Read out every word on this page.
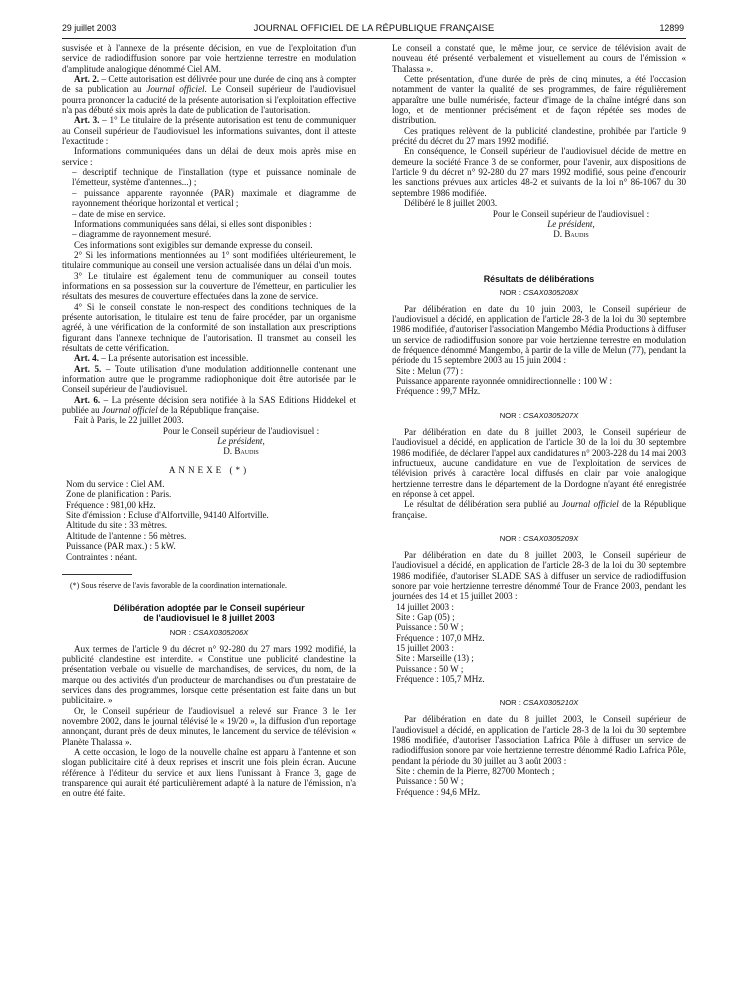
29 juillet 2003	JOURNAL OFFICIEL DE LA RÉPUBLIQUE FRANÇAISE	12899

susvisée et à l'annexe de la présente décision, en vue de l'exploitation d'un service de radiodiffusion sonore par voie hertzienne terrestre en modulation d'amplitude analogique dénommé Ciel AM.

Art. 2. – Cette autorisation est délivrée pour une durée de cinq ans à compter de sa publication au Journal officiel. Le Conseil supérieur de l'audiovisuel pourra prononcer la caducité de la présente autorisation si l'exploitation effective n'a pas débuté six mois après la date de publication de l'autorisation.

Art. 3. – 1° Le titulaire de la présente autorisation est tenu de communiquer au Conseil supérieur de l'audiovisuel les informations suivantes, dont il atteste l'exactitude :

Informations communiquées dans un délai de deux mois après mise en service :

– descriptif technique de l'installation (type et puissance nominale de l'émetteur, système d'antennes...) ;

– puissance apparente rayonnée (PAR) maximale et diagramme de rayonnement théorique horizontal et vertical ;

– date de mise en service.

Informations communiquées sans délai, si elles sont disponibles :

– diagramme de rayonnement mesuré.

Ces informations sont exigibles sur demande expresse du conseil.

2° Si les informations mentionnées au 1° sont modifiées ultérieurement, le titulaire communique au conseil une version actualisée dans un délai d'un mois.

3° Le titulaire est également tenu de communiquer au conseil toutes informations en sa possession sur la couverture de l'émetteur, en particulier les résultats des mesures de couverture effectuées dans la zone de service.

4° Si le conseil constate le non-respect des conditions techniques de la présente autorisation, le titulaire est tenu de faire procéder, par un organisme agréé, à une vérification de la conformité de son installation aux prescriptions figurant dans l'annexe technique de l'autorisation. Il transmet au conseil les résultats de cette vérification.

Art. 4. – La présente autorisation est incessible.

Art. 5. – Toute utilisation d'une modulation additionnelle contenant une information autre que le programme radiophonique doit être autorisée par le Conseil supérieur de l'audiovisuel.

Art. 6. – La présente décision sera notifiée à la SAS Editions Hiddekel et publiée au Journal officiel de la République française.

Fait à Paris, le 22 juillet 2003.

Pour le Conseil supérieur de l'audiovisuel :

Le président,

D. Baudis

ANNEXE (*)

Nom du service : Ciel AM.

Zone de planification : Paris.

Fréquence : 981,00 kHz.

Site d'émission : Ecluse d'Alfortville, 94140 Alfortville.

Altitude du site : 33 mètres.

Altitude de l'antenne : 56 mètres.

Puissance (PAR max.) : 5 kW.

Contraintes : néant.

(*) Sous réserve de l'avis favorable de la coordination internationale.

Délibération adoptée par le Conseil supérieur

de l'audiovisuel le 8 juillet 2003

NOR : CSAX0305206X

Aux termes de l'article 9 du décret n° 92-280 du 27 mars 1992 modifié, la publicité clandestine est interdite. « Constitue une publicité clandestine la présentation verbale ou visuelle de marchandises, de services, du nom, de la marque ou des activités d'un producteur de marchandises ou d'un prestataire de services dans des programmes, lorsque cette présentation est faite dans un but publicitaire. »

Or, le Conseil supérieur de l'audiovisuel a relevé sur France 3 le 1er novembre 2002, dans le journal télévisé le « 19/20 », la diffusion d'un reportage annonçant, durant près de deux minutes, le lancement du service de télévision « Planète Thalassa ».

A cette occasion, le logo de la nouvelle chaîne est apparu à l'antenne et son slogan publicitaire cité à deux reprises et inscrit une fois plein écran. Aucune référence à l'éditeur du service et aux liens l'unissant à France 3, gage de transparence qui aurait été particulièrement adapté à la nature de l'émission, n'a en outre été faite.

Le conseil a constaté que, le même jour, ce service de télévision avait de nouveau été présenté verbalement et visuellement au cours de l'émission « Thalassa ».

Cette présentation, d'une durée de près de cinq minutes, a été l'occasion notamment de vanter la qualité de ses programmes, de faire régulièrement apparaître une bulle numérisée, facteur d'image de la chaîne intégré dans son logo, et de mentionner précisément et de façon répétée ses modes de distribution.

Ces pratiques relèvent de la publicité clandestine, prohibée par l'article 9 précité du décret du 27 mars 1992 modifié.

En conséquence, le Conseil supérieur de l'audiovisuel décide de mettre en demeure la société France 3 de se conformer, pour l'avenir, aux dispositions de l'article 9 du décret n° 92-280 du 27 mars 1992 modifié, sous peine d'encourir les sanctions prévues aux articles 48-2 et suivants de la loi n° 86-1067 du 30 septembre 1986 modifiée.

Délibéré le 8 juillet 2003.

Pour le Conseil supérieur de l'audiovisuel :

Le président,

D. Baudis

Résultats de délibérations

NOR : CSAX0305208X

Par délibération en date du 10 juin 2003, le Conseil supérieur de l'audiovisuel a décidé, en application de l'article 28-3 de la loi du 30 septembre 1986 modifiée, d'autoriser l'association Mangembo Média Productions à diffuser un service de radiodiffusion sonore par voie hertzienne terrestre en modulation de fréquence dénommé Mangembo, à partir de la ville de Melun (77), pendant la période du 15 septembre 2003 au 15 juin 2004 :

Site : Melun (77) :

Puissance apparente rayonnée omnidirectionnelle : 100 W :

Fréquence : 99,7 MHz.

NOR : CSAX0305207X

Par délibération en date du 8 juillet 2003, le Conseil supérieur de l'audiovisuel a décidé, en application de l'article 30 de la loi du 30 septembre 1986 modifiée, de déclarer l'appel aux candidatures n° 2003-228 du 14 mai 2003 infructueux, aucune candidature en vue de l'exploitation de services de télévision privés à caractère local diffusés en clair par voie analogique hertzienne terrestre dans le département de la Dordogne n'ayant été enregistrée en réponse à cet appel.

Le résultat de délibération sera publié au Journal officiel de la République française.

NOR : CSAX0305209X

Par délibération en date du 8 juillet 2003, le Conseil supérieur de l'audiovisuel a décidé, en application de l'article 28-3 de la loi du 30 septembre 1986 modifiée, d'autoriser SLADE SAS à diffuser un service de radiodiffusion sonore par voie hertzienne terrestre dénommé Tour de France 2003, pendant les journées des 14 et 15 juillet 2003 :

14 juillet 2003 :

Site : Gap (05) ;

Puissance : 50 W ;

Fréquence : 107,0 MHz.

15 juillet 2003 :

Site : Marseille (13) ;

Puissance : 50 W ;

Fréquence : 105,7 MHz.

NOR : CSAX0305210X

Par délibération en date du 8 juillet 2003, le Conseil supérieur de l'audiovisuel a décidé, en application de l'article 28-3 de la loi du 30 septembre 1986 modifiée, d'autoriser l'association Lafrica Pôle à diffuser un service de radiodiffusion sonore par voie hertzienne terrestre dénommé Radio Lafrica Pôle, pendant la période du 30 juillet au 3 août 2003 :

Site : chemin de la Pierre, 82700 Montech ;

Puissance : 50 W ;

Fréquence : 94,6 MHz.
